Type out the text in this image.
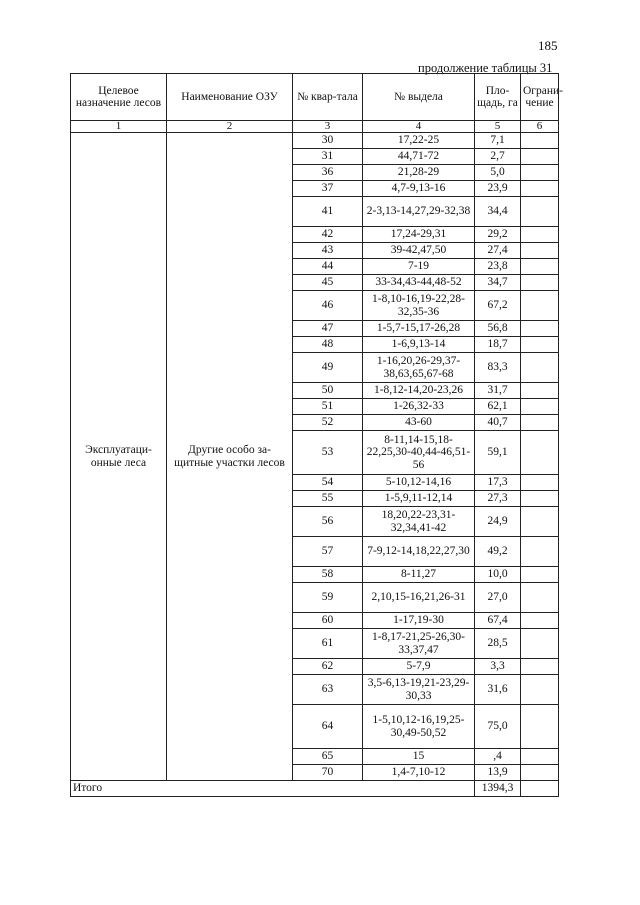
185
продолжение таблицы 31
Целевое назначение лесов	Наименование ОЗУ	№ квар-тала	№ выдела	Пло-щадь, га	Ограни-чение
1	2	3	4	5	6
Эксплуатаци-онные леса	Другие особо за-щитные участки лесов	30	17,22-25	7,1	
		31	44,71-72	2,7	
		36	21,28-29	5,0	
		37	4,7-9,13-16	23,9	
		41	2-3,13-14,27,29-32,38	34,4	
		42	17,24-29,31	29,2	
		43	39-42,47,50	27,4	
		44	7-19	23,8	
		45	33-34,43-44,48-52	34,7	
		46	1-8,10-16,19-22,28-32,35-36	67,2	
		47	1-5,7-15,17-26,28	56,8	
		48	1-6,9,13-14	18,7	
		49	1-16,20,26-29,37-38,63,65,67-68	83,3	
		50	1-8,12-14,20-23,26	31,7	
		51	1-26,32-33	62,1	
		52	43-60	40,7	
		53	8-11,14-15,18-22,25,30-40,44-46,51-56	59,1	
		54	5-10,12-14,16	17,3	
		55	1-5,9,11-12,14	27,3	
		56	18,20,22-23,31-32,34,41-42	24,9	
		57	7-9,12-14,18,22,27,30	49,2	
		58	8-11,27	10,0	
		59	2,10,15-16,21,26-31	27,0	
		60	1-17,19-30	67,4	
		61	1-8,17-21,25-26,30-33,37,47	28,5	
		62	5-7,9	3,3	
		63	3,5-6,13-19,21-23,29-30,33	31,6	
		64	1-5,10,12-16,19,25-30,49-50,52	75,0	
		65	15	,4	
		70	1,4-7,10-12	13,9	
Итого				1394,3	
